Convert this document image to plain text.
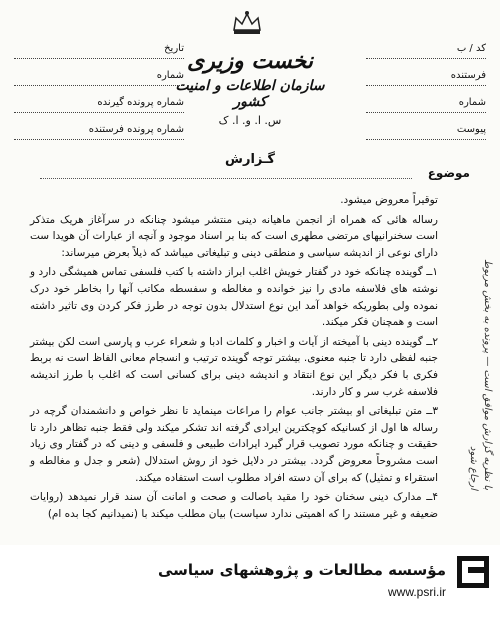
تاریخ
شماره
شماره پرونده گیرنده
شماره پرونده فرستنده
کد / ب
فرستنده
شماره
پیوست
نخست وزیری
سازمان اطلاعات و امنیت کشور
س. ا. و. ا. ک
گـزارش
موضوع

توقیراً معروض میشود.

رساله هائی که همراه از انجمن ماهیانه دینی منتشر میشود چنانکه در سرآغاز هریک متذکر است سخنرانیهای مرتضی مطهری است که بنا بر اسناد موجود و آنچه از عبارات آن هویدا ست دارای نوعی از اندیشه سیاسی و منطقی دینی و تبلیغاتی میباشد که ذیلاً بعرض میرساند:

۱ــ گوینده چنانکه خود در گفتار خویش اغلب ابراز داشته با کتب فلسفی تماس همیشگی دارد و نوشته های فلاسفه مادی را نیز خوانده و مغالطه و سفسطه مکاتب آنها را بخاطر خود درک نموده ولی بطوریکه خواهد آمد این نوع استدلال بدون توجه در طرز فکر کردن وی تاثیر داشته است و همچنان فکر میکند.

۲ــ گوینده دینی با آمیخته از آیات و اخبار و کلمات ادبا و شعراء عرب و پارسی است لکن بیشتر جنبه لفظی دارد تا جنبه معنوی. بیشتر توجه گوینده ترتیب و انسجام معانی الفاظ است نه بربط فکری با فکر دیگر این نوع انتقاد و اندیشه دینی برای کسانی است که اغلب با طرز اندیشه فلاسفه غرب سر و کار دارند.

۳ــ متن تبلیغاتی او بیشتر جانب عوام را مراعات مینماید تا نظر خواص و دانشمندان گرچه در رساله ها اول از کسانیکه کوچکترین ایرادی گرفته اند تشکر میکند ولی فقط جنبه تظاهر دارد تا حقیقت و چنانکه مورد تصویب قرار گیرد ایرادات طبیعی و فلسفی و دینی که در گفتار وی زیاد است مشروحاً معروض گردد. بیشتر در دلایل خود از روش استدلال (شعر و جدل و مغالطه و استقراء و تمثیل) که برای آن دسته افراد مطلوب است استفاده میکند.

۴ــ مدارک دینی سخنان خود را مقید باصالت و صحت و امانت آن سند قرار نمیدهد (روایات ضعیفه و غیر مستند را که اهمیتی ندارد سیاست) بیان مطلب میکند با (نمیدانیم کجا بده ام)

با نظریه گزارش موافق است — پرونده به بخش مربوط ارجاع شود
مؤسسه مطالعات و پژوهشهای سیاسی
www.psri.ir
